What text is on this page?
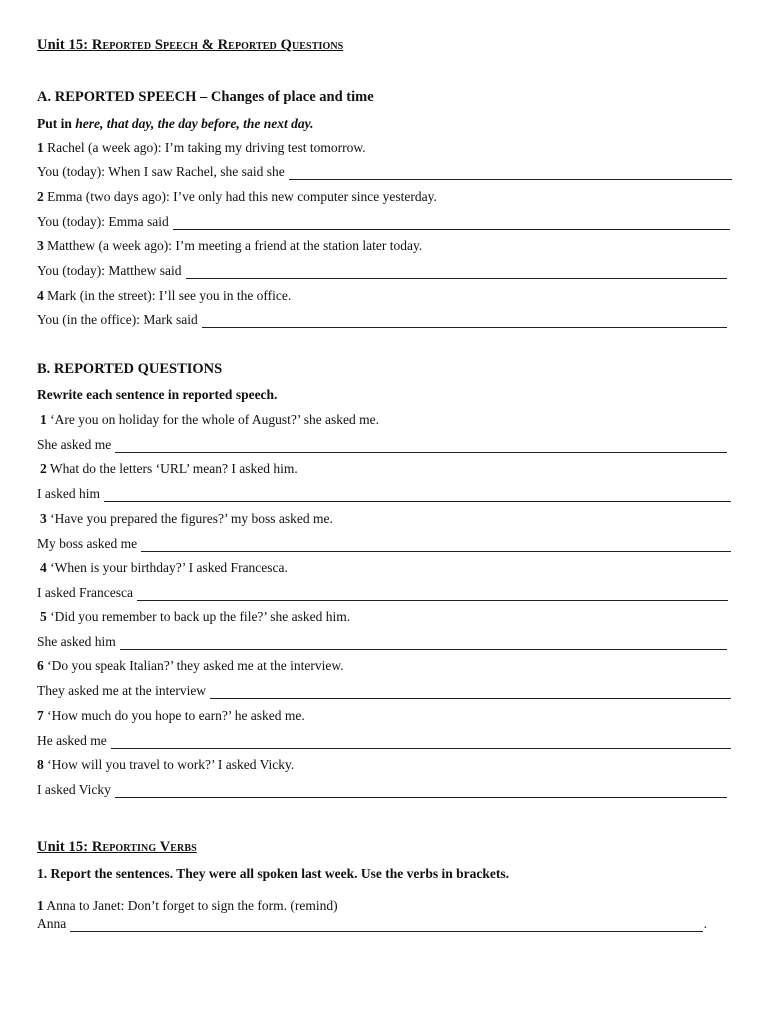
Unit 15: Reported Speech & Reported Questions
A. REPORTED SPEECH – Changes of place and time
Put in here, that day, the day before, the next day.
1 Rachel (a week ago): I’m taking my driving test tomorrow.
You (today): When I saw Rachel, she said she
2 Emma (two days ago): I’ve only had this new computer since yesterday.
You (today): Emma said
3 Matthew (a week ago): I’m meeting a friend at the station later today.
You (today): Matthew said
4 Mark (in the street): I’ll see you in the office.
You (in the office): Mark said
B. REPORTED QUESTIONS
Rewrite each sentence in reported speech.
1 ‘Are you on holiday for the whole of August?’ she asked me.
She asked me
2 What do the letters ‘URL’ mean? I asked him.
I asked him
3 ‘Have you prepared the figures?’ my boss asked me.
My boss asked me
4 ‘When is your birthday?’ I asked Francesca.
I asked Francesca
5 ‘Did you remember to back up the file?’ she asked him.
She asked him
6 ‘Do you speak Italian?’ they asked me at the interview.
They asked me at the interview
7 ‘How much do you hope to earn?’ he asked me.
He asked me
8 ‘How will you travel to work?’ I asked Vicky.
I asked Vicky
Unit 15: Reporting Verbs
1. Report the sentences. They were all spoken last week. Use the verbs in brackets.
1 Anna to Janet: Don’t forget to sign the form. (remind)
Anna	.
